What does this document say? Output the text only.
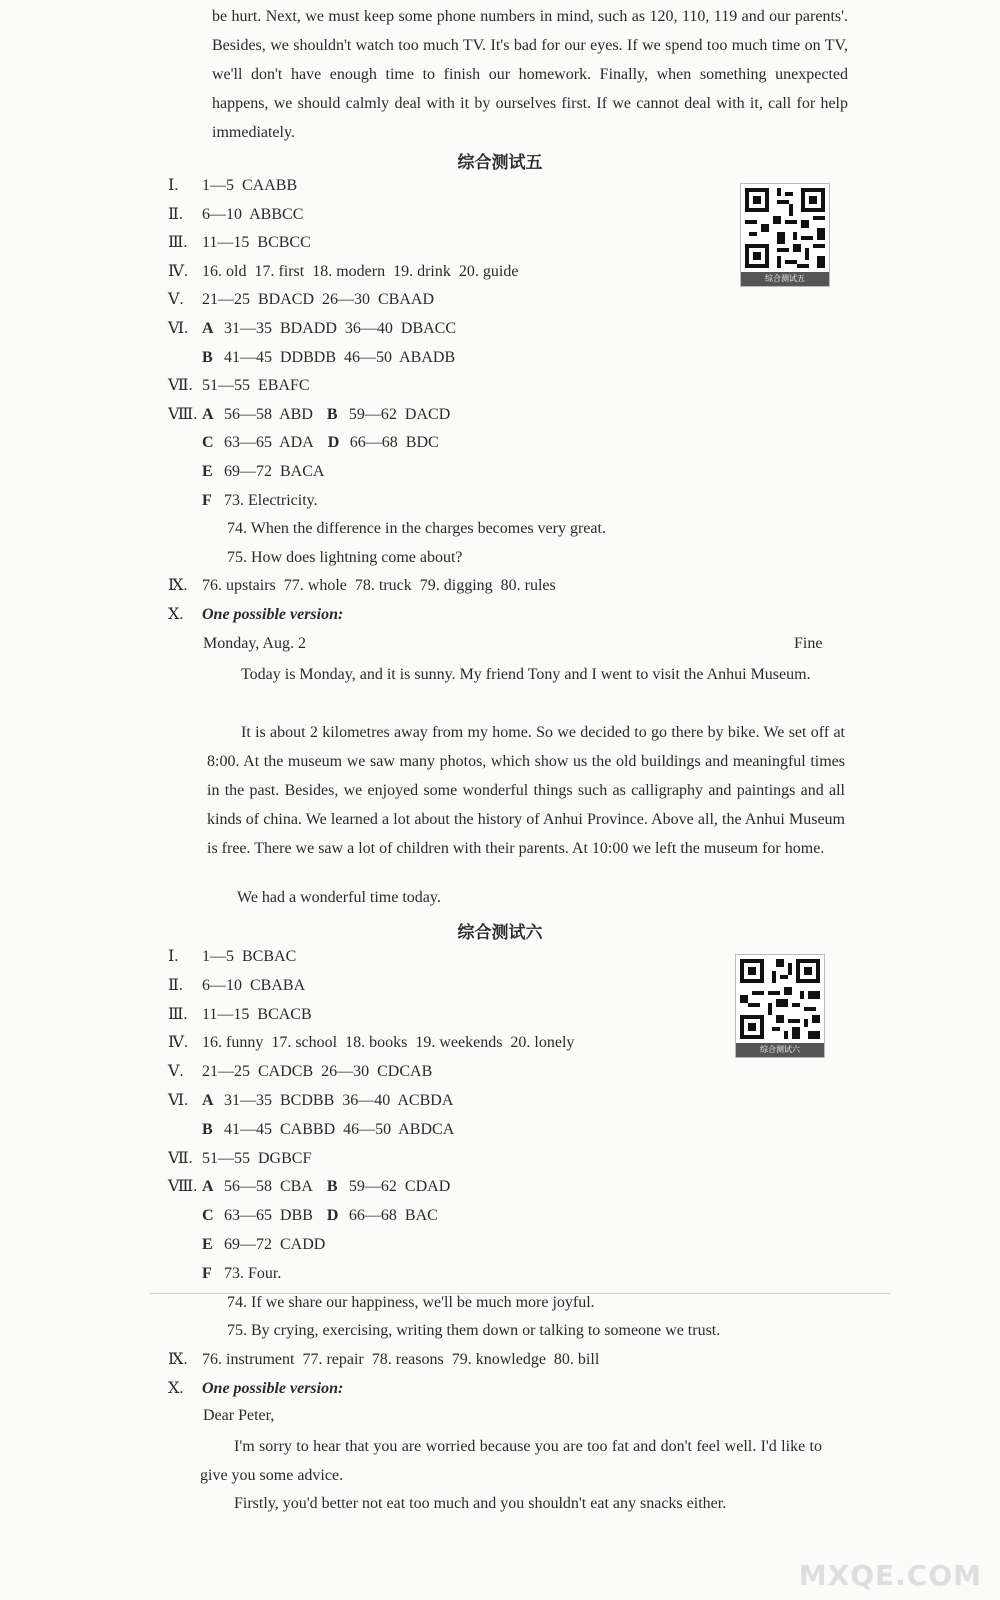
be hurt. Next, we must keep some phone numbers in mind, such as 120, 110, 119 and our parents'. Besides, we shouldn't watch too much TV. It's bad for our eyes. If we spend too much time on TV, we'll don't have enough time to finish our homework. Finally, when something unexpected happens, we should calmly deal with it by ourselves first. If we cannot deal with it, call for help immediately.
综合测试五
综合测试五
Ⅰ. 1—5  CAABB
Ⅱ. 6—10  ABBCC
Ⅲ. 11—15  BCBCC
Ⅳ. 16. old  17. first  18. modern  19. drink  20. guide
Ⅴ. 21—25  BDACD  26—30  CBAAD
Ⅵ. A 31—35  BDADD  36—40  DBACC
B 41—45  DDBDB  46—50  ABADB
Ⅶ. 51—55  EBAFC
Ⅷ. A 56—58  ABD B 59—62  DACD
C 63—65  ADA D 66—68  BDC
E 69—72  BACA
F 73. Electricity.
74. When the difference in the charges becomes very great.
75. How does lightning come about?
Ⅸ. 76. upstairs  77. whole  78. truck  79. digging  80. rules
Ⅹ. One possible version:
Monday, Aug. 2	Fine
Today is Monday, and it is sunny. My friend Tony and I went to visit the Anhui Museum.
It is about 2 kilometres away from my home. So we decided to go there by bike. We set off at 8:00. At the museum we saw many photos, which show us the old buildings and meaningful times in the past. Besides, we enjoyed some wonderful things such as calligraphy and paintings and all kinds of china. We learned a lot about the history of Anhui Province. Above all, the Anhui Museum is free. There we saw a lot of children with their parents. At 10:00 we left the museum for home.
We had a wonderful time today.
综合测试六
综合测试六
Ⅰ. 1—5  BCBAC
Ⅱ. 6—10  CBABA
Ⅲ. 11—15  BCACB
Ⅳ. 16. funny  17. school  18. books  19. weekends  20. lonely
Ⅴ. 21—25  CADCB  26—30  CDCAB
Ⅵ. A 31—35  BCDBB  36—40  ACBDA
B 41—45  CABBD  46—50  ABDCA
Ⅶ. 51—55  DGBCF
Ⅷ. A 56—58  CBA B 59—62  CDAD
C 63—65  DBB D 66—68  BAC
E 69—72  CADD
F 73. Four.
74. If we share our happiness, we'll be much more joyful.
75. By crying, exercising, writing them down or talking to someone we trust.
Ⅸ. 76. instrument  77. repair  78. reasons  79. knowledge  80. bill
Ⅹ. One possible version:
Dear Peter,
I'm sorry to hear that you are worried because you are too fat and don't feel well. I'd like to give you some advice.
Firstly, you'd better not eat too much and you shouldn't eat any snacks either.
MXQE.COM
